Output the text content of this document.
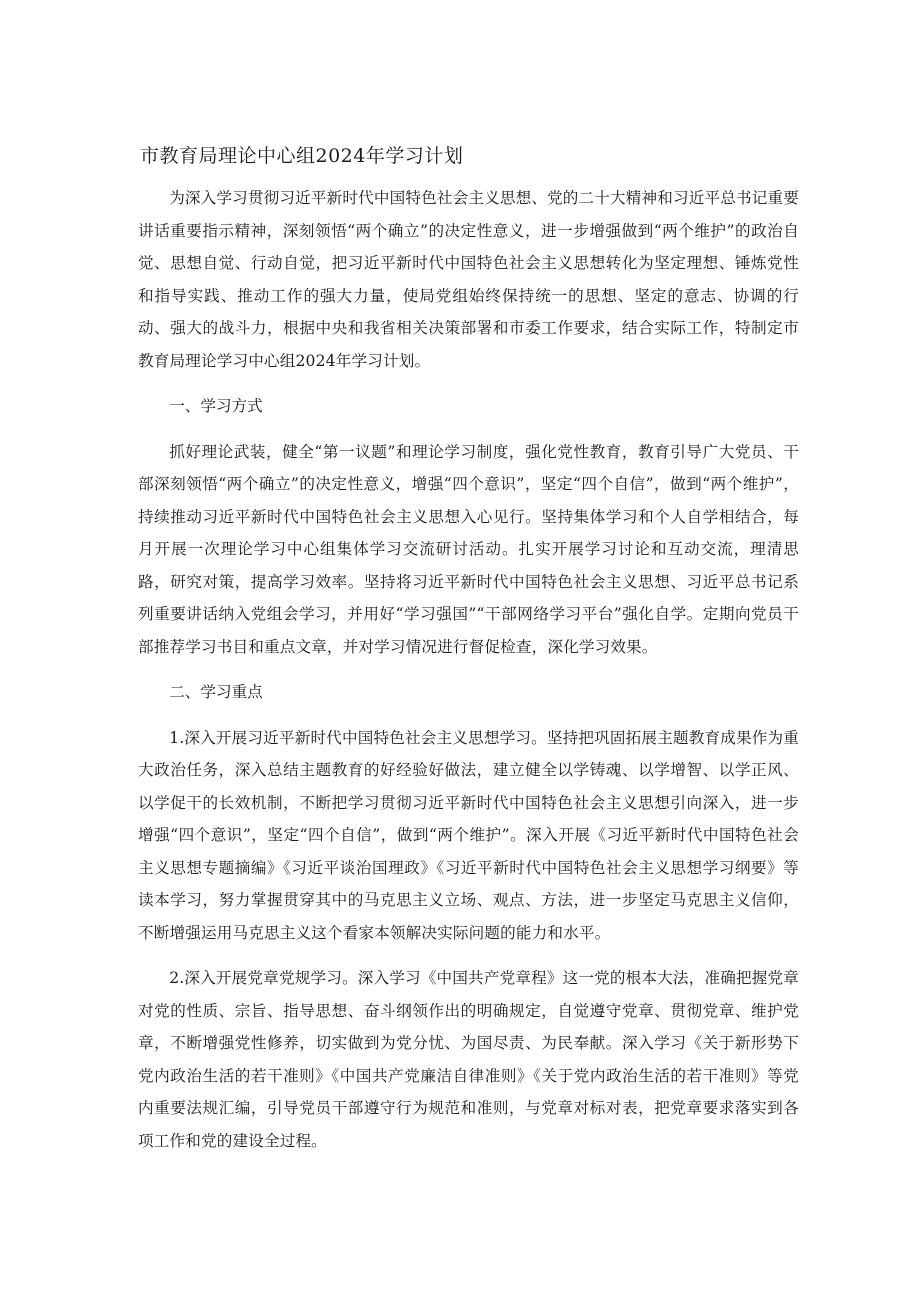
市教育局理论中心组2024年学习计划

为深入学习贯彻习近平新时代中国特色社会主义思想、党的二十大精神和习近平总书记重要讲话重要指示精神，深刻领悟“两个确立”的决定性意义，进一步增强做到“两个维护”的政治自觉、思想自觉、行动自觉，把习近平新时代中国特色社会主义思想转化为坚定理想、锤炼党性和指导实践、推动工作的强大力量，使局党组始终保持统一的思想、坚定的意志、协调的行动、强大的战斗力，根据中央和我省相关决策部署和市委工作要求，结合实际工作，特制定市教育局理论学习中心组2024年学习计划。

一、学习方式

抓好理论武装，健全“第一议题”和理论学习制度，强化党性教育，教育引导广大党员、干部深刻领悟“两个确立”的决定性意义，增强“四个意识”，坚定“四个自信”，做到“两个维护”，持续推动习近平新时代中国特色社会主义思想入心见行。坚持集体学习和个人自学相结合，每月开展一次理论学习中心组集体学习交流研讨活动。扎实开展学习讨论和互动交流，理清思路，研究对策，提高学习效率。坚持将习近平新时代中国特色社会主义思想、习近平总书记系列重要讲话纳入党组会学习，并用好“学习强国”“干部网络学习平台”强化自学。定期向党员干部推荐学习书目和重点文章，并对学习情况进行督促检查，深化学习效果。

二、学习重点

1.深入开展习近平新时代中国特色社会主义思想学习。坚持把巩固拓展主题教育成果作为重大政治任务，深入总结主题教育的好经验好做法，建立健全以学铸魂、以学增智、以学正风、以学促干的长效机制，不断把学习贯彻习近平新时代中国特色社会主义思想引向深入，进一步增强“四个意识”，坚定“四个自信”，做到“两个维护”。深入开展《习近平新时代中国特色社会主义思想专题摘编》《习近平谈治国理政》《习近平新时代中国特色社会主义思想学习纲要》等读本学习，努力掌握贯穿其中的马克思主义立场、观点、方法，进一步坚定马克思主义信仰，不断增强运用马克思主义这个看家本领解决实际问题的能力和水平。

2.深入开展党章党规学习。深入学习《中国共产党章程》这一党的根本大法，准确把握党章对党的性质、宗旨、指导思想、奋斗纲领作出的明确规定，自觉遵守党章、贯彻党章、维护党章，不断增强党性修养，切实做到为党分忧、为国尽责、为民奉献。深入学习《关于新形势下党内政治生活的若干准则》《中国共产党廉洁自律准则》《关于党内政治生活的若干准则》等党内重要法规汇编，引导党员干部遵守行为规范和准则，与党章对标对表，把党章要求落实到各项工作和党的建设全过程。
